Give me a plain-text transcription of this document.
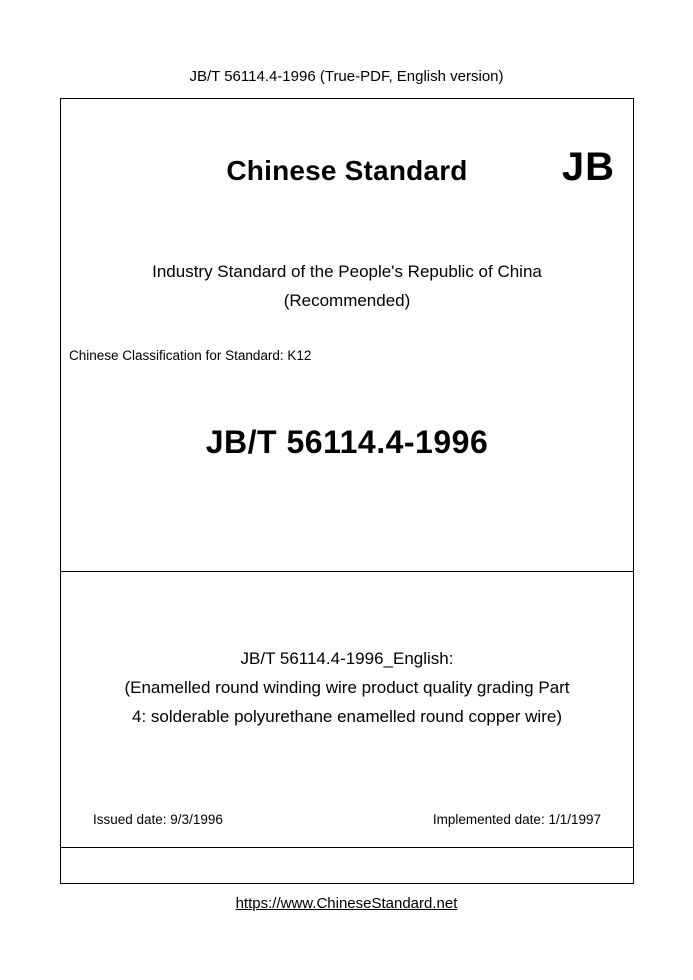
JB/T 56114.4-1996 (True-PDF, English version)
Chinese Standard	JB
Industry Standard of the People's Republic of China
(Recommended)
Chinese Classification for Standard: K12
JB/T 56114.4-1996
JB/T 56114.4-1996_English:
(Enamelled round winding wire product quality grading Part
4: solderable polyurethane enamelled round copper wire)
Issued date: 9/3/1996	Implemented date: 1/1/1997
https://www.ChineseStandard.net
